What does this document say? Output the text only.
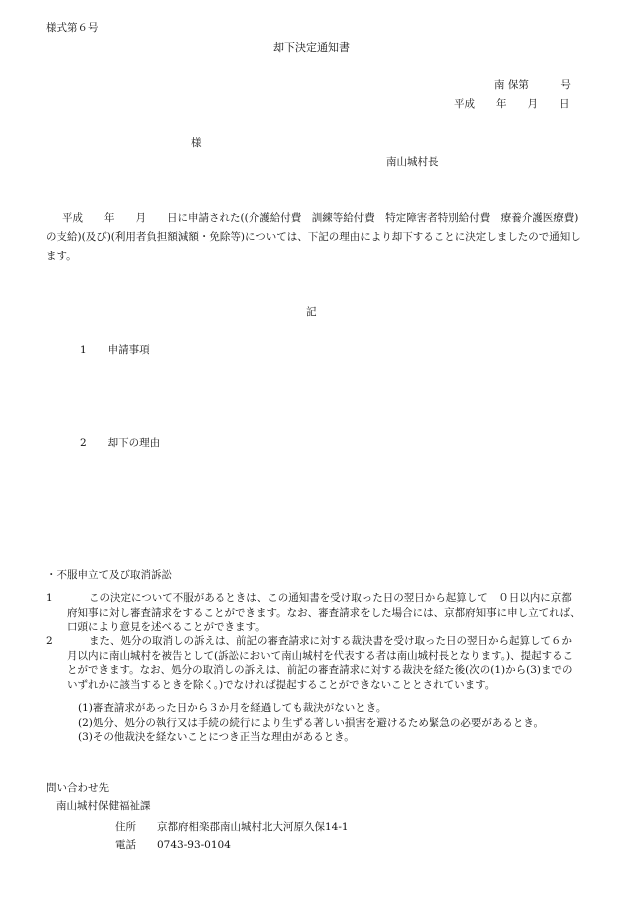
様式第６号
却下決定通知書
南 保第　　　号
平成　　年　　月　　日
様
南山城村長
平成　　年　　月　　日に申請された((介護給付費　訓練等給付費　特定障害者特別給付費　療養介護医療費)の支給)(及び)(利用者負担額減額・免除等)については、下記の理由により却下することに決定しましたので通知します。
記
1　　申請事項
2　　却下の理由
・不服申立て及び取消訴訟
1	この決定について不服があるときは、この通知書を受け取った日の翌日から起算して　０日以内に京都府知事に対し審査請求をすることができます。なお、審査請求をした場合には、京都府知事に申し立てれば、口頭により意見を述べることができます。
2	また、処分の取消しの訴えは、前記の審査請求に対する裁決書を受け取った日の翌日から起算して６か月以内に南山城村を被告として(訴訟において南山城村を代表する者は南山城村長となります。)、提起することができます。なお、処分の取消しの訴えは、前記の審査請求に対する裁決を経た後(次の(1)から(3)までのいずれかに該当するときを除く。)でなければ提起することができないこととされています。
(1)審査請求があった日から３か月を経過しても裁決がないとき。
(2)処分、処分の執行又は手続の続行により生ずる著しい損害を避けるため緊急の必要があるとき。
(3)その他裁決を経ないことにつき正当な理由があるとき。
問い合わせ先
南山城村保健福祉課
住所 京都府相楽郡南山城村北大河原久保14-1
電話 0743-93-0104
